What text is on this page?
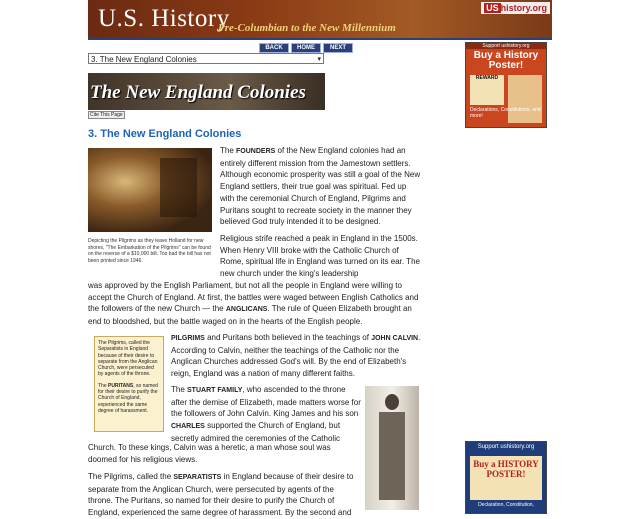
U.S. History
Pre-Columbian to the New Millennium
US history.org
BACK	HOME	NEXT
3. The New England Colonies	▾
The New England Colonies
Cite This Page
3. The New England Colonies
Depicting the Pilgrims as they leave Holland for new shores, "The Embarkation of the Pilgrims" can be found on the reverse of a $10,000 bill. Too bad the bill has not been printed since 1946.

The FOUNDERS of the New England colonies had an entirely different mission from the Jamestown settlers. Although economic prosperity was still a goal of the New England settlers, their true goal was spiritual. Fed up with the ceremonial Church of England, Pilgrims and Puritans sought to recreate society in the manner they believed God truly intended it to be designed.

Religious strife reached a peak in England in the 1500s. When Henry VIII broke with the Catholic Church of Rome, spiritual life in England was turned on its ear. The new church under the king's leadership

was approved by the English Parliament, but not all the people in England were willing to accept the Church of England. At first, the battles were waged between English Catholics and the followers of the new Church — the ANGLICANS. The rule of Queen Elizabeth brought an end to bloodshed, but the battle waged on in the hearts of the English people.

The Pilgrims, called the Separatists in England because of their desire to separate from the Anglican Church, were persecuted by agents of the throne.

The PURITANS, so named for their desire to purify the Church of England, experienced the same degree of harassment.

PILGRIMS and Puritans both believed in the teachings of JOHN CALVIN. According to Calvin, neither the teachings of the Catholic nor the Anglican Churches addressed God's will. By the end of Elizabeth's reign, England was a nation of many different faiths.

The STUART FAMILY, who ascended to the throne after the demise of Elizabeth, made matters worse for the followers of John Calvin. King James and his son CHARLES supported the Church of England, but secretly admired the ceremonies of the Catholic

Church. To these kings, Calvin was a heretic, a man whose soul was doomed for his religious views.

The Pilgrims, called the SEPARATISTS in England because of their desire to separate from the Anglican Church, were persecuted by agents of the throne. The Puritans, so named for their desire to purify the Church of England, experienced the same degree of harassment. By the second and

Support ushistory.org
Buy a History Poster!
REWARD
Declarations, Constitutions, and more!
Support ushistory.org
Buy a HISTORY POSTER!
Declaration, Constitution,
